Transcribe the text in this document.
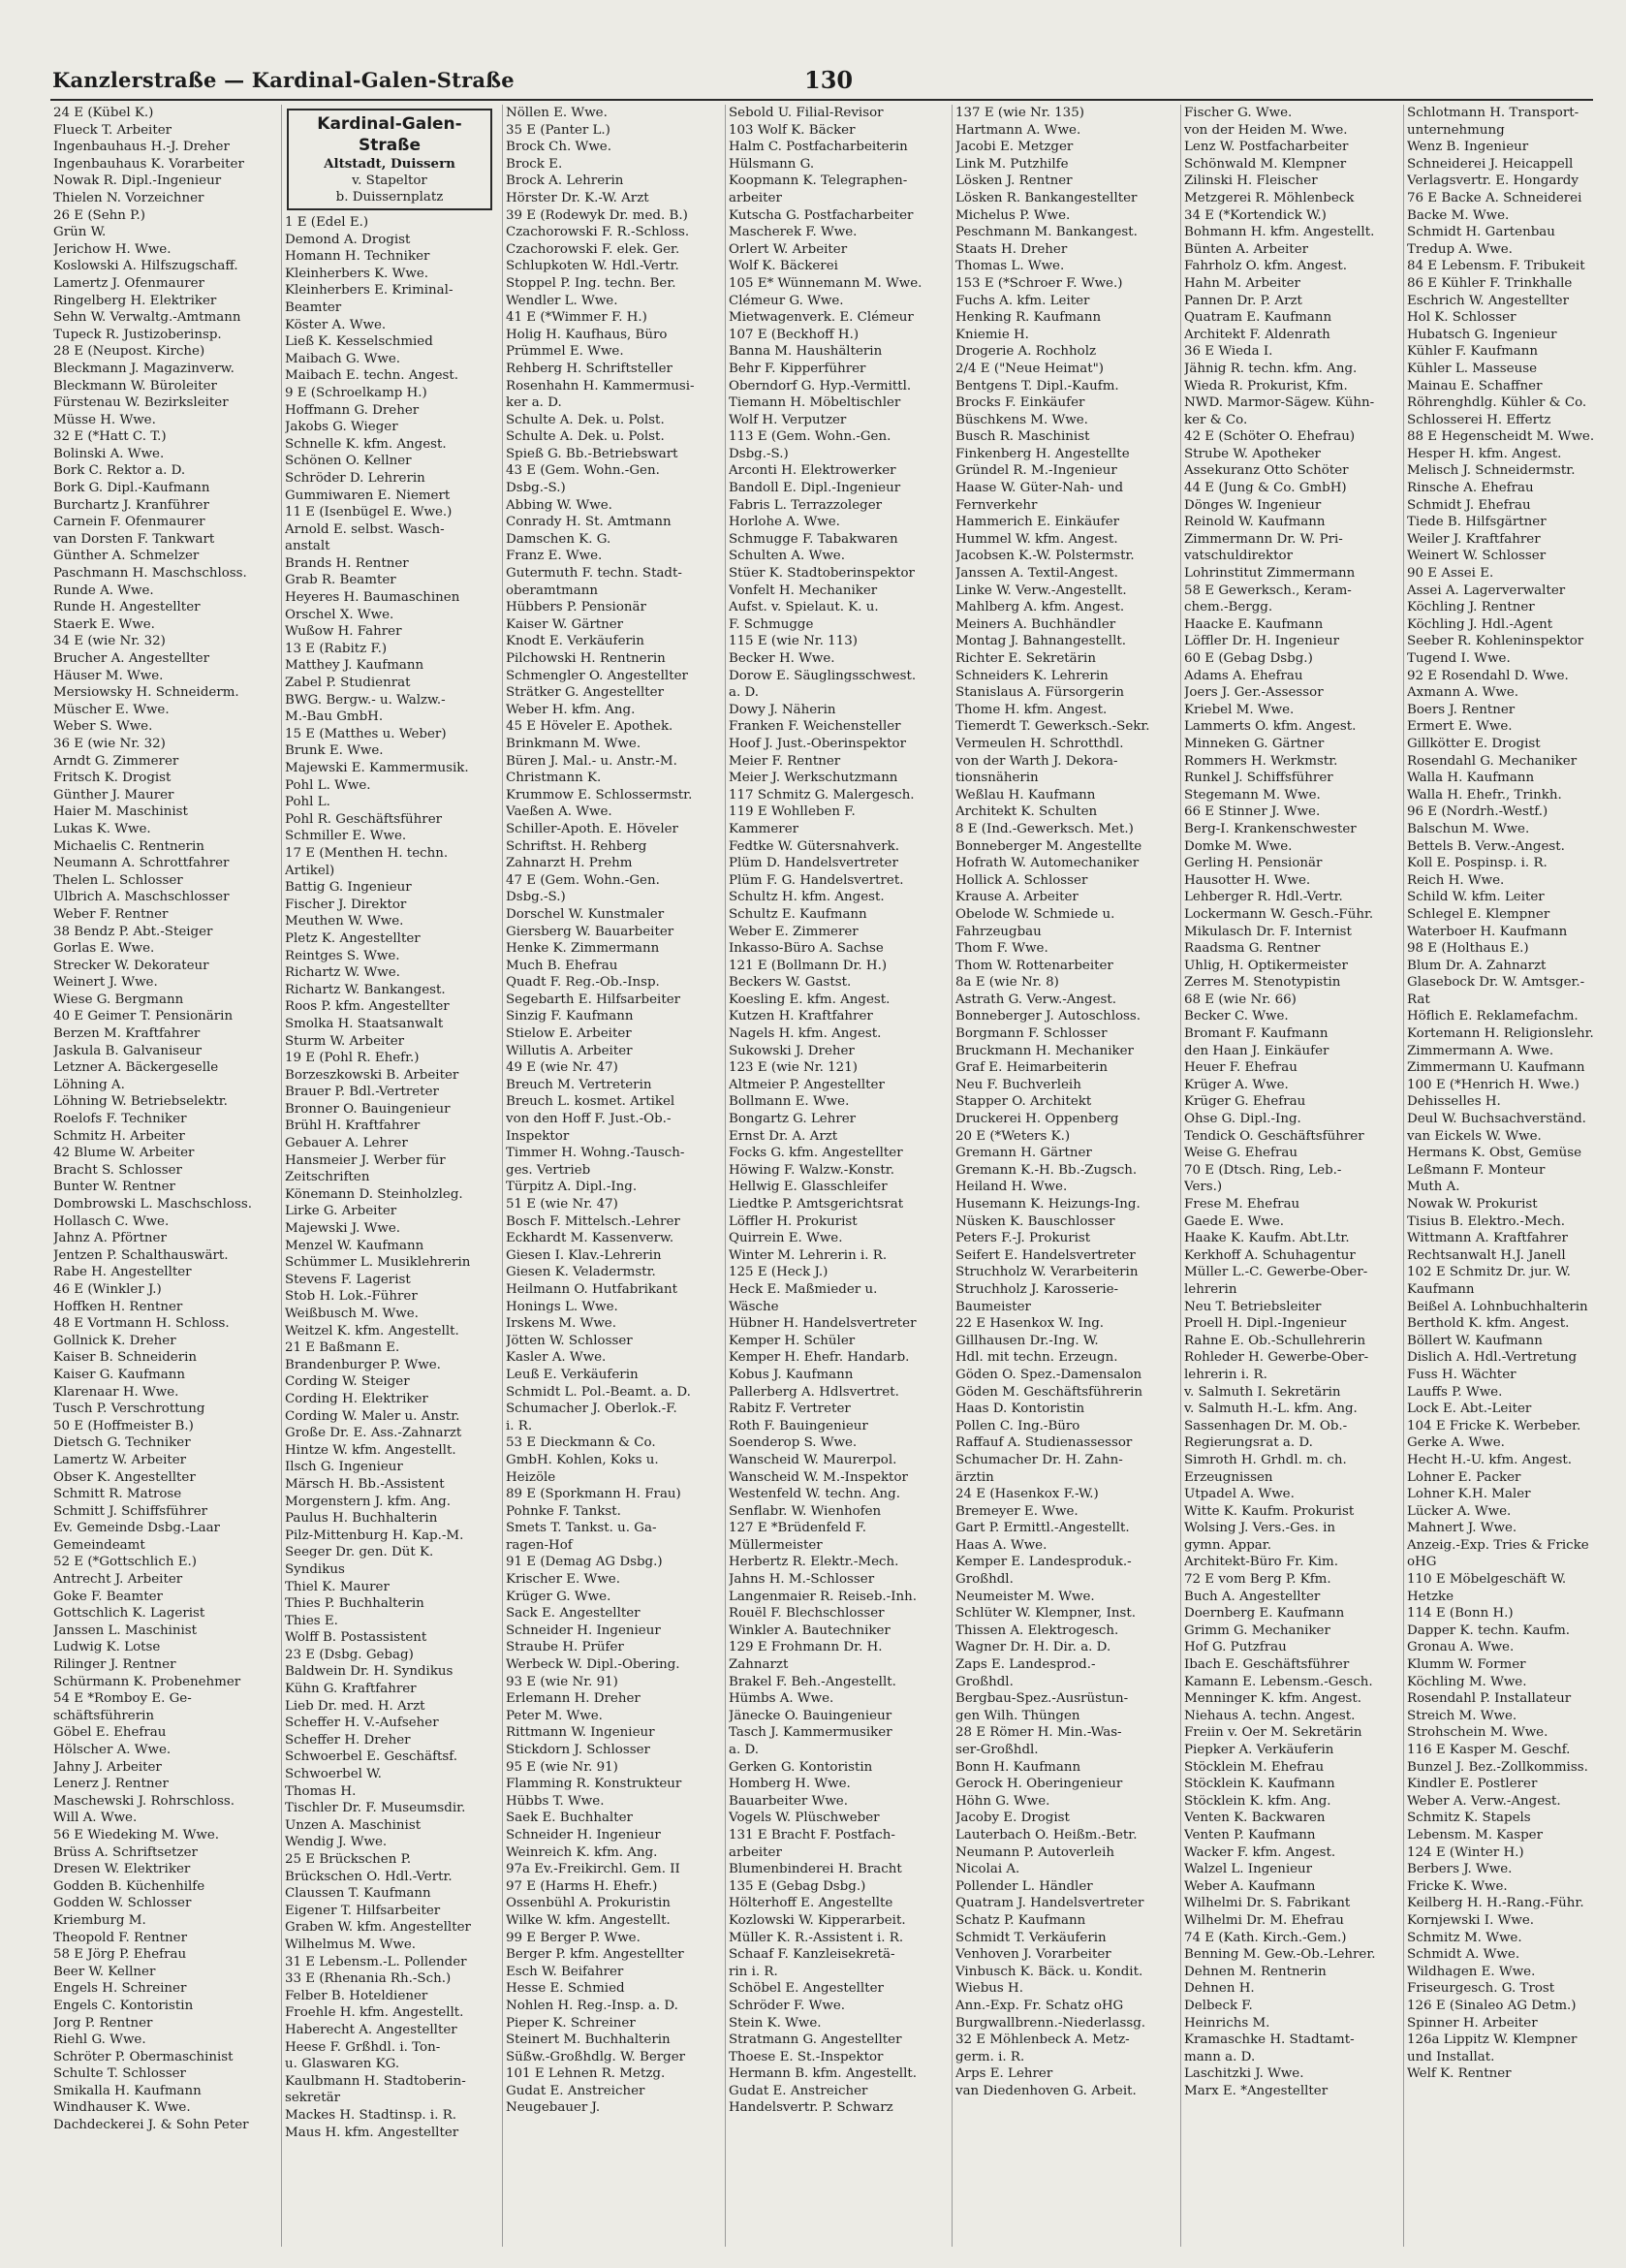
Kanzlerstraße — Kardinal-Galen-Straße	130
24 E (Kübel K.)
Flueck T. Arbeiter
Ingenbauhaus H.-J. Dreher
Ingenbauhaus K. Vorarbeiter
Nowak R. Dipl.-Ingenieur
Thielen N. Vorzeichner
26 E (Sehn P.)
Grün W.
Jerichow H. Wwe.
Koslowski A. Hilfszugschaff.
Lamertz J. Ofenmaurer
Ringelberg H. Elektriker
Sehn W. Verwaltg.-Amtmann
Tupeck R. Justizoberinsp.
28 E (Neupost. Kirche)
Bleckmann J. Magazinverw.
Bleckmann W. Büroleiter
Fürstenau W. Bezirksleiter
Müsse H. Wwe.
32 E (*Hatt C. T.)
Bolinski A. Wwe.
Bork C. Rektor a. D.
Bork G. Dipl.-Kaufmann
Burchartz J. Kranführer
Carnein F. Ofenmaurer
van Dorsten F. Tankwart
Günther A. Schmelzer
Paschmann H. Maschschloss.
Runde A. Wwe.
Runde H. Angestellter
Staerk E. Wwe.
34 E (wie Nr. 32)
Brucher A. Angestellter
Häuser M. Wwe.
Mersiowsky H. Schneiderm.
Müscher E. Wwe.
Weber S. Wwe.
36 E (wie Nr. 32)
Arndt G. Zimmerer
Fritsch K. Drogist
Günther J. Maurer
Haier M. Maschinist
Lukas K. Wwe.
Michaelis C. Rentnerin
Neumann A. Schrottfahrer
Thelen L. Schlosser
Ulbrich A. Maschschlosser
Weber F. Rentner
38 Bendz P. Abt.-Steiger
Gorlas E. Wwe.
Strecker W. Dekorateur
Weinert J. Wwe.
Wiese G. Bergmann
40 E Geimer T. Pensionärin
Berzen M. Kraftfahrer
Jaskula B. Galvaniseur
Letzner A. Bäckergeselle
Löhning A.
Löhning W. Betriebselektr.
Roelofs F. Techniker
Schmitz H. Arbeiter
42 Blume W. Arbeiter
Bracht S. Schlosser
Bunter W. Rentner
Dombrowski L. Maschschloss.
Hollasch C. Wwe.
Jahnz A. Pförtner
Jentzen P. Schalthauswärt.
Rabe H. Angestellter
46 E (Winkler J.)
Hoffken H. Rentner
48 E Vortmann H. Schloss.
Gollnick K. Dreher
Kaiser B. Schneiderin
Kaiser G. Kaufmann
Klarenaar H. Wwe.
Tusch P. Verschrottung
50 E (Hoffmeister B.)
Dietsch G. Techniker
Lamertz W. Arbeiter
Obser K. Angestellter
Schmitt R. Matrose
Schmitt J. Schiffsführer
Ev. Gemeinde Dsbg.-Laar
Gemeindeamt
52 E (*Gottschlich E.)
Antrecht J. Arbeiter
Goke F. Beamter
Gottschlich K. Lagerist
Janssen L. Maschinist
Ludwig K. Lotse
Rilinger J. Rentner
Schürmann K. Probenehmer
54 E *Romboy E. Ge-
schäftsführerin
Göbel E. Ehefrau
Hölscher A. Wwe.
Jahny J. Arbeiter
Lenerz J. Rentner
Maschewski J. Rohrschloss.
Will A. Wwe.
56 E Wiedeking M. Wwe.
Brüss A. Schriftsetzer
Dresen W. Elektriker
Godden B. Küchenhilfe
Godden W. Schlosser
Kriemburg M.
Theopold F. Rentner
58 E Jörg P. Ehefrau
Beer W. Kellner
Engels H. Schreiner
Engels C. Kontoristin
Jorg P. Rentner
Riehl G. Wwe.
Schröter P. Obermaschinist
Schulte T. Schlosser
Smikalla H. Kaufmann
Windhauser K. Wwe.
Dachdeckerei J. & Sohn Peter
Kardinal-Galen-Straße
Altstadt, Duissern
v. Stapeltor
b. Duissernplatz
1 E (Edel E.)
Demond A. Drogist
Homann H. Techniker
Kleinherbers K. Wwe.
Kleinherbers E. Kriminal-
Beamter
Köster A. Wwe.
Ließ K. Kesselschmied
Maibach G. Wwe.
Maibach E. techn. Angest.
9 E (Schroelkamp H.)
Hoffmann G. Dreher
Jakobs G. Wieger
Schnelle K. kfm. Angest.
Schönen O. Kellner
Schröder D. Lehrerin
Gummiwaren E. Niemert
11 E (Isenbügel E. Wwe.)
Arnold E. selbst. Wasch-
anstalt
Brands H. Rentner
Grab R. Beamter
Heyeres H. Baumaschinen
Orschel X. Wwe.
Wußow H. Fahrer
13 E (Rabitz F.)
Matthey J. Kaufmann
Zabel P. Studienrat
BWG. Bergw.- u. Walzw.-
M.-Bau GmbH.
15 E (Matthes u. Weber)
Brunk E. Wwe.
Majewski E. Kammermusik.
Pohl L. Wwe.
Pohl L.
Pohl R. Geschäftsführer
Schmiller E. Wwe.
17 E (Menthen H. techn.
Artikel)
Battig G. Ingenieur
Fischer J. Direktor
Meuthen W. Wwe.
Pletz K. Angestellter
Reintges S. Wwe.
Richartz W. Wwe.
Richartz W. Bankangest.
Roos P. kfm. Angestellter
Smolka H. Staatsanwalt
Sturm W. Arbeiter
19 E (Pohl R. Ehefr.)
Borzeszkowski B. Arbeiter
Brauer P. Bdl.-Vertreter
Bronner O. Bauingenieur
Brühl H. Kraftfahrer
Gebauer A. Lehrer
Hansmeier J. Werber für
Zeitschriften
Könemann D. Steinholzleg.
Lirke G. Arbeiter
Majewski J. Wwe.
Menzel W. Kaufmann
Schümmer L. Musiklehrerin
Stevens F. Lagerist
Stob H. Lok.-Führer
Weißbusch M. Wwe.
Weitzel K. kfm. Angestellt.
21 E Baßmann E.
Brandenburger P. Wwe.
Cording W. Steiger
Cording H. Elektriker
Cording W. Maler u. Anstr.
Große Dr. E. Ass.-Zahnarzt
Hintze W. kfm. Angestellt.
Ilsch G. Ingenieur
Märsch H. Bb.-Assistent
Morgenstern J. kfm. Ang.
Paulus H. Buchhalterin
Pilz-Mittenburg H. Kap.-M.
Seeger Dr. gen. Düt K.
Syndikus
Thiel K. Maurer
Thies P. Buchhalterin
Thies E.
Wolff B. Postassistent
23 E (Dsbg. Gebag)
Baldwein Dr. H. Syndikus
Kühn G. Kraftfahrer
Lieb Dr. med. H. Arzt
Scheffer H. V.-Aufseher
Scheffer H. Dreher
Schwoerbel E. Geschäftsf.
Schwoerbel W.
Thomas H.
Tischler Dr. F. Museumsdir.
Unzen A. Maschinist
Wendig J. Wwe.
25 E Brückschen P.
Brückschen O. Hdl.-Vertr.
Claussen T. Kaufmann
Eigener T. Hilfsarbeiter
Graben W. kfm. Angestellter
Wilhelmus M. Wwe.
31 E Lebensm.-L. Pollender
33 E (Rhenania Rh.-Sch.)
Felber B. Hoteldiener
Froehle H. kfm. Angestellt.
Haberecht A. Angestellter
Heese F. Grßhdl. i. Ton-
u. Glaswaren KG.
Kaulbmann H. Stadtoberin-
sekretär
Mackes H. Stadtinsp. i. R.
Maus H. kfm. Angestellter
Nöllen E. Wwe.
35 E (Panter L.)
Brock Ch. Wwe.
Brock E.
Brock A. Lehrerin
Hörster Dr. K.-W. Arzt
39 E (Rodewyk Dr. med. B.)
Czachorowski F. R.-Schloss.
Czachorowski F. elek. Ger.
Schlupkoten W. Hdl.-Vertr.
Stoppel P. Ing. techn. Ber.
Wendler L. Wwe.
41 E (*Wimmer F. H.)
Holig H. Kaufhaus, Büro
Prümmel E. Wwe.
Rehberg H. Schriftsteller
Rosenhahn H. Kammermusi-
ker a. D.
Schulte A. Dek. u. Polst.
Schulte A. Dek. u. Polst.
Spieß G. Bb.-Betriebswart
43 E (Gem. Wohn.-Gen.
Dsbg.-S.)
Abbing W. Wwe.
Conrady H. St. Amtmann
Damschen K. G.
Franz E. Wwe.
Gutermuth F. techn. Stadt-
oberamtmann
Hübbers P. Pensionär
Kaiser W. Gärtner
Knodt E. Verkäuferin
Pilchowski H. Rentnerin
Schmengler O. Angestellter
Strätker G. Angestellter
Weber H. kfm. Ang.
45 E Höveler E. Apothek.
Brinkmann M. Wwe.
Büren J. Mal.- u. Anstr.-M.
Christmann K.
Krummow E. Schlossermstr.
Vaeßen A. Wwe.
Schiller-Apoth. E. Höveler
Schriftst. H. Rehberg
Zahnarzt H. Prehm
47 E (Gem. Wohn.-Gen.
Dsbg.-S.)
Dorschel W. Kunstmaler
Giersberg W. Bauarbeiter
Henke K. Zimmermann
Much B. Ehefrau
Quadt F. Reg.-Ob.-Insp.
Segebarth E. Hilfsarbeiter
Sinzig F. Kaufmann
Stielow E. Arbeiter
Willutis A. Arbeiter
49 E (wie Nr. 47)
Breuch M. Vertreterin
Breuch L. kosmet. Artikel
von den Hoff F. Just.-Ob.-
Inspektor
Timmer H. Wohng.-Tausch-
ges. Vertrieb
Türpitz A. Dipl.-Ing.
51 E (wie Nr. 47)
Bosch F. Mittelsch.-Lehrer
Eckhardt M. Kassenverw.
Giesen I. Klav.-Lehrerin
Giesen K. Veladermstr.
Heilmann O. Hutfabrikant
Honings L. Wwe.
Irskens M. Wwe.
Jötten W. Schlosser
Kasler A. Wwe.
Leuß E. Verkäuferin
Schmidt L. Pol.-Beamt. a. D.
Schumacher J. Oberlok.-F.
i. R.
53 E Dieckmann & Co.
GmbH. Kohlen, Koks u.
Heizöle
89 E (Sporkmann H. Frau)
Pohnke F. Tankst.
Smets T. Tankst. u. Ga-
ragen-Hof
91 E (Demag AG Dsbg.)
Krischer E. Wwe.
Krüger G. Wwe.
Sack E. Angestellter
Schneider H. Ingenieur
Straube H. Prüfer
Werbeck W. Dipl.-Obering.
93 E (wie Nr. 91)
Erlemann H. Dreher
Peter M. Wwe.
Rittmann W. Ingenieur
Stickdorn J. Schlosser
95 E (wie Nr. 91)
Flamming R. Konstrukteur
Hübbs T. Wwe.
Saek E. Buchhalter
Schneider H. Ingenieur
Weinreich K. kfm. Ang.
97a Ev.-Freikirchl. Gem. II
97 E (Harms H. Ehefr.)
Ossenbühl A. Prokuristin
Wilke W. kfm. Angestellt.
99 E Berger P. Wwe.
Berger P. kfm. Angestellter
Esch W. Beifahrer
Hesse E. Schmied
Nohlen H. Reg.-Insp. a. D.
Pieper K. Schreiner
Steinert M. Buchhalterin
Süßw.-Großhdlg. W. Berger
101 E Lehnen R. Metzg.
Gudat E. Anstreicher
Neugebauer J.
Sebold U. Filial-Revisor
103 Wolf K. Bäcker
Halm C. Postfacharbeiterin
Hülsmann G.
Koopmann K. Telegraphen-
arbeiter
Kutscha G. Postfacharbeiter
Mascherek F. Wwe.
Orlert W. Arbeiter
Wolf K. Bäckerei
105 E* Wünnemann M. Wwe.
Clémeur G. Wwe.
Mietwagenverk. E. Clémeur
107 E (Beckhoff H.)
Banna M. Haushälterin
Behr F. Kipperführer
Oberndorf G. Hyp.-Vermittl.
Tiemann H. Möbeltischler
Wolf H. Verputzer
113 E (Gem. Wohn.-Gen.
Dsbg.-S.)
Arconti H. Elektrowerker
Bandoll E. Dipl.-Ingenieur
Fabris L. Terrazzoleger
Horlohe A. Wwe.
Schmugge F. Tabakwaren
Schulten A. Wwe.
Stüer K. Stadtoberinspektor
Vonfelt H. Mechaniker
Aufst. v. Spielaut. K. u.
F. Schmugge
115 E (wie Nr. 113)
Becker H. Wwe.
Dorow E. Säuglingsschwest.
a. D.
Dowy J. Näherin
Franken F. Weichensteller
Hoof J. Just.-Oberinspektor
Meier F. Rentner
Meier J. Werkschutzmann
117 Schmitz G. Malergesch.
119 E Wohlleben F.
Kammerer
Fedtke W. Gütersnahverk.
Plüm D. Handelsvertreter
Plüm F. G. Handelsvertret.
Schultz H. kfm. Angest.
Schultz E. Kaufmann
Weber E. Zimmerer
Inkasso-Büro A. Sachse
121 E (Bollmann Dr. H.)
Beckers W. Gastst.
Koesling E. kfm. Angest.
Kutzen H. Kraftfahrer
Nagels H. kfm. Angest.
Sukowski J. Dreher
123 E (wie Nr. 121)
Altmeier P. Angestellter
Bollmann E. Wwe.
Bongartz G. Lehrer
Ernst Dr. A. Arzt
Focks G. kfm. Angestellter
Höwing F. Walzw.-Konstr.
Hellwig E. Glasschleifer
Liedtke P. Amtsgerichtsrat
Löffler H. Prokurist
Quirrein E. Wwe.
Winter M. Lehrerin i. R.
125 E (Heck J.)
Heck E. Maßmieder u.
Wäsche
Hübner H. Handelsvertreter
Kemper H. Schüler
Kemper H. Ehefr. Handarb.
Kobus J. Kaufmann
Pallerberg A. Hdlsvertret.
Rabitz F. Vertreter
Roth F. Bauingenieur
Soenderop S. Wwe.
Wanscheid W. Maurerpol.
Wanscheid W. M.-Inspektor
Westenfeld W. techn. Ang.
Senflabr. W. Wienhofen
127 E *Brüdenfeld F.
Müllermeister
Herbertz R. Elektr.-Mech.
Jahns H. M.-Schlosser
Langenmaier R. Reiseb.-Inh.
Rouël F. Blechschlosser
Winkler A. Bautechniker
129 E Frohmann Dr. H.
Zahnarzt
Brakel F. Beh.-Angestellt.
Hümbs A. Wwe.
Jänecke O. Bauingenieur
Tasch J. Kammermusiker
a. D.
Gerken G. Kontoristin
Homberg H. Wwe.
Bauarbeiter Wwe.
Vogels W. Plüschweber
131 E Bracht F. Postfach-
arbeiter
Blumenbinderei H. Bracht
135 E (Gebag Dsbg.)
Hölterhoff E. Angestellte
Kozlowski W. Kipperarbeit.
Müller K. R.-Assistent i. R.
Schaaf F. Kanzleisekretä-
rin i. R.
Schöbel E. Angestellter
Schröder F. Wwe.
Stein K. Wwe.
Stratmann G. Angestellter
Thoese E. St.-Inspektor
Hermann B. kfm. Angestellt.
Gudat E. Anstreicher
Handelsvertr. P. Schwarz
137 E (wie Nr. 135)
Hartmann A. Wwe.
Jacobi E. Metzger
Link M. Putzhilfe
Lösken J. Rentner
Lösken R. Bankangestellter
Michelus P. Wwe.
Peschmann M. Bankangest.
Staats H. Dreher
Thomas L. Wwe.
153 E (*Schroer F. Wwe.)
Fuchs A. kfm. Leiter
Henking R. Kaufmann
Kniemie H.
Drogerie A. Rochholz
2/4 E ("Neue Heimat")
Bentgens T. Dipl.-Kaufm.
Brocks F. Einkäufer
Büschkens M. Wwe.
Busch R. Maschinist
Finkenberg H. Angestellte
Gründel R. M.-Ingenieur
Haase W. Güter-Nah- und
Fernverkehr
Hammerich E. Einkäufer
Hummel W. kfm. Angest.
Jacobsen K.-W. Polstermstr.
Janssen A. Textil-Angest.
Linke W. Verw.-Angestellt.
Mahlberg A. kfm. Angest.
Meiners A. Buchhändler
Montag J. Bahnangestellt.
Richter E. Sekretärin
Schneiders K. Lehrerin
Stanislaus A. Fürsorgerin
Thome H. kfm. Angest.
Tiemerdt T. Gewerksch.-Sekr.
Vermeulen H. Schrotthdl.
von der Warth J. Dekora-
tionsnäherin
Weßlau H. Kaufmann
Architekt K. Schulten
8 E (Ind.-Gewerksch. Met.)
Bonneberger M. Angestellte
Hofrath W. Automechaniker
Hollick A. Schlosser
Krause A. Arbeiter
Obelode W. Schmiede u.
Fahrzeugbau
Thom F. Wwe.
Thom W. Rottenarbeiter
8a E (wie Nr. 8)
Astrath G. Verw.-Angest.
Bonneberger J. Autoschloss.
Borgmann F. Schlosser
Bruckmann H. Mechaniker
Graf E. Heimarbeiterin
Neu F. Buchverleih
Stapper O. Architekt
Druckerei H. Oppenberg
20 E (*Weters K.)
Gremann H. Gärtner
Gremann K.-H. Bb.-Zugsch.
Heiland H. Wwe.
Husemann K. Heizungs-Ing.
Nüsken K. Bauschlosser
Peters F.-J. Prokurist
Seifert E. Handelsvertreter
Struchholz W. Verarbeiterin
Struchholz J. Karosserie-
Baumeister
22 E Hasenkox W. Ing.
Gillhausen Dr.-Ing. W.
Hdl. mit techn. Erzeugn.
Göden O. Spez.-Damensalon
Göden M. Geschäftsführerin
Haas D. Kontoristin
Pollen C. Ing.-Büro
Raffauf A. Studienassessor
Schumacher Dr. H. Zahn-
ärztin
24 E (Hasenkox F.-W.)
Bremeyer E. Wwe.
Gart P. Ermittl.-Angestellt.
Haas A. Wwe.
Kemper E. Landesproduk.-
Großhdl.
Neumeister M. Wwe.
Schlüter W. Klempner, Inst.
Thissen A. Elektrogesch.
Wagner Dr. H. Dir. a. D.
Zaps E. Landesprod.-
Großhdl.
Bergbau-Spez.-Ausrüstun-
gen Wilh. Thüngen
28 E Römer H. Min.-Was-
ser-Großhdl.
Bonn H. Kaufmann
Gerock H. Oberingenieur
Höhn G. Wwe.
Jacoby E. Drogist
Lauterbach O. Heißm.-Betr.
Neumann P. Autoverleih
Nicolai A.
Pollender L. Händler
Quatram J. Handelsvertreter
Schatz P. Kaufmann
Schmidt T. Verkäuferin
Venhoven J. Vorarbeiter
Vinbusch K. Bäck. u. Kondit.
Wiebus H.
Ann.-Exp. Fr. Schatz oHG
Burgwallbrenn.-Niederlassg.
32 E Möhlenbeck A. Metz-
germ. i. R.
Arps E. Lehrer
van Diedenhoven G. Arbeit.
Fischer G. Wwe.
von der Heiden M. Wwe.
Lenz W. Postfacharbeiter
Schönwald M. Klempner
Zilinski H. Fleischer
Metzgerei R. Möhlenbeck
34 E (*Kortendick W.)
Bohmann H. kfm. Angestellt.
Bünten A. Arbeiter
Fahrholz O. kfm. Angest.
Hahn M. Arbeiter
Pannen Dr. P. Arzt
Quatram E. Kaufmann
Architekt F. Aldenrath
36 E Wieda I.
Jähnig R. techn. kfm. Ang.
Wieda R. Prokurist, Kfm.
NWD. Marmor-Sägew. Kühn-
ker & Co.
42 E (Schöter O. Ehefrau)
Strube W. Apotheker
Assekuranz Otto Schöter
44 E (Jung & Co. GmbH)
Dönges W. Ingenieur
Reinold W. Kaufmann
Zimmermann Dr. W. Pri-
vatschuldirektor
Lohrinstitut Zimmermann
58 E Gewerksch., Keram-
chem.-Bergg.
Haacke E. Kaufmann
Löffler Dr. H. Ingenieur
60 E (Gebag Dsbg.)
Adams A. Ehefrau
Joers J. Ger.-Assessor
Kriebel M. Wwe.
Lammerts O. kfm. Angest.
Minneken G. Gärtner
Rommers H. Werkmstr.
Runkel J. Schiffsführer
Stegemann M. Wwe.
66 E Stinner J. Wwe.
Berg-I. Krankenschwester
Domke M. Wwe.
Gerling H. Pensionär
Hausotter H. Wwe.
Lehberger R. Hdl.-Vertr.
Lockermann W. Gesch.-Führ.
Mikulasch Dr. F. Internist
Raadsma G. Rentner
Uhlig, H. Optikermeister
Zerres M. Stenotypistin
68 E (wie Nr. 66)
Becker C. Wwe.
Bromant F. Kaufmann
den Haan J. Einkäufer
Heuer F. Ehefrau
Krüger A. Wwe.
Krüger G. Ehefrau
Ohse G. Dipl.-Ing.
Tendick O. Geschäftsführer
Weise G. Ehefrau
70 E (Dtsch. Ring, Leb.-
Vers.)
Frese M. Ehefrau
Gaede E. Wwe.
Haake K. Kaufm. Abt.Ltr.
Kerkhoff A. Schuhagentur
Müller L.-C. Gewerbe-Ober-
lehrerin
Neu T. Betriebsleiter
Proell H. Dipl.-Ingenieur
Rahne E. Ob.-Schullehrerin
Rohleder H. Gewerbe-Ober-
lehrerin i. R.
v. Salmuth I. Sekretärin
v. Salmuth H.-L. kfm. Ang.
Sassenhagen Dr. M. Ob.-
Regierungsrat a. D.
Simroth H. Grhdl. m. ch.
Erzeugnissen
Utpadel A. Wwe.
Witte K. Kaufm. Prokurist
Wolsing J. Vers.-Ges. in
gymn. Appar.
Architekt-Büro Fr. Kim.
72 E vom Berg P. Kfm.
Buch A. Angestellter
Doernberg E. Kaufmann
Grimm G. Mechaniker
Hof G. Putzfrau
Ibach E. Geschäftsführer
Kamann E. Lebensm.-Gesch.
Menninger K. kfm. Angest.
Niehaus A. techn. Angest.
Freiin v. Oer M. Sekretärin
Piepker A. Verkäuferin
Stöcklein M. Ehefrau
Stöcklein K. Kaufmann
Stöcklein K. kfm. Ang.
Venten K. Backwaren
Venten P. Kaufmann
Wacker F. kfm. Angest.
Walzel L. Ingenieur
Weber A. Kaufmann
Wilhelmi Dr. S. Fabrikant
Wilhelmi Dr. M. Ehefrau
74 E (Kath. Kirch.-Gem.)
Benning M. Gew.-Ob.-Lehrer.
Dehnen M. Rentnerin
Dehnen H.
Delbeck F.
Heinrichs M.
Kramaschke H. Stadtamt-
mann a. D.
Laschitzki J. Wwe.
Marx E. *Angestellter
Schlotmann H. Transport-
unternehmung
Wenz B. Ingenieur
Schneiderei J. Heicappell
Verlagsvertr. E. Hongardy
76 E Backe A. Schneiderei
Backe M. Wwe.
Schmidt H. Gartenbau
Tredup A. Wwe.
84 E Lebensm. F. Tribukeit
86 E Kühler F. Trinkhalle
Eschrich W. Angestellter
Hol K. Schlosser
Hubatsch G. Ingenieur
Kühler F. Kaufmann
Kühler L. Masseuse
Mainau E. Schaffner
Röhrenghdlg. Kühler & Co.
Schlosserei H. Effertz
88 E Hegenscheidt M. Wwe.
Hesper H. kfm. Angest.
Melisch J. Schneidermstr.
Rinsche A. Ehefrau
Schmidt J. Ehefrau
Tiede B. Hilfsgärtner
Weiler J. Kraftfahrer
Weinert W. Schlosser
90 E Assei E.
Assei A. Lagerverwalter
Köchling J. Rentner
Köchling J. Hdl.-Agent
Seeber R. Kohleninspektor
Tugend I. Wwe.
92 E Rosendahl D. Wwe.
Axmann A. Wwe.
Boers J. Rentner
Ermert E. Wwe.
Gillkötter E. Drogist
Rosendahl G. Mechaniker
Walla H. Kaufmann
Walla H. Ehefr., Trinkh.
96 E (Nordrh.-Westf.)
Balschun M. Wwe.
Bettels B. Verw.-Angest.
Koll E. Pospinsp. i. R.
Reich H. Wwe.
Schild W. kfm. Leiter
Schlegel E. Klempner
Waterboer H. Kaufmann
98 E (Holthaus E.)
Blum Dr. A. Zahnarzt
Glasebock Dr. W. Amtsger.-
Rat
Höflich E. Reklamefachm.
Kortemann H. Religionslehr.
Zimmermann A. Wwe.
Zimmermann U. Kaufmann
100 E (*Henrich H. Wwe.)
Dehisselles H.
Deul W. Buchsachverständ.
van Eickels W. Wwe.
Hermans K. Obst, Gemüse
Leßmann F. Monteur
Muth A.
Nowak W. Prokurist
Tisius B. Elektro.-Mech.
Wittmann A. Kraftfahrer
Rechtsanwalt H.J. Janell
102 E Schmitz Dr. jur. W.
Kaufmann
Beißel A. Lohnbuchhalterin
Berthold K. kfm. Angest.
Böllert W. Kaufmann
Dislich A. Hdl.-Vertretung
Fuss H. Wächter
Lauffs P. Wwe.
Lock E. Abt.-Leiter
104 E Fricke K. Werbeber.
Gerke A. Wwe.
Hecht H.-U. kfm. Angest.
Lohner E. Packer
Lohner K.H. Maler
Lücker A. Wwe.
Mahnert J. Wwe.
Anzeig.-Exp. Tries & Fricke
oHG
110 E Möbelgeschäft W.
Hetzke
114 E (Bonn H.)
Dapper K. techn. Kaufm.
Gronau A. Wwe.
Klumm W. Former
Köchling M. Wwe.
Rosendahl P. Installateur
Streich M. Wwe.
Strohschein M. Wwe.
116 E Kasper M. Geschf.
Bunzel J. Bez.-Zollkommiss.
Kindler E. Postlerer
Weber A. Verw.-Angest.
Schmitz K. Stapels
Lebensm. M. Kasper
124 E (Winter H.)
Berbers J. Wwe.
Fricke K. Wwe.
Keilberg H. H.-Rang.-Führ.
Kornjewski I. Wwe.
Schmitz M. Wwe.
Schmidt A. Wwe.
Wildhagen E. Wwe.
Friseurgesch. G. Trost
126 E (Sinaleo AG Detm.)
Spinner H. Arbeiter
126a Lippitz W. Klempner
und Installat.
Welf K. Rentner
